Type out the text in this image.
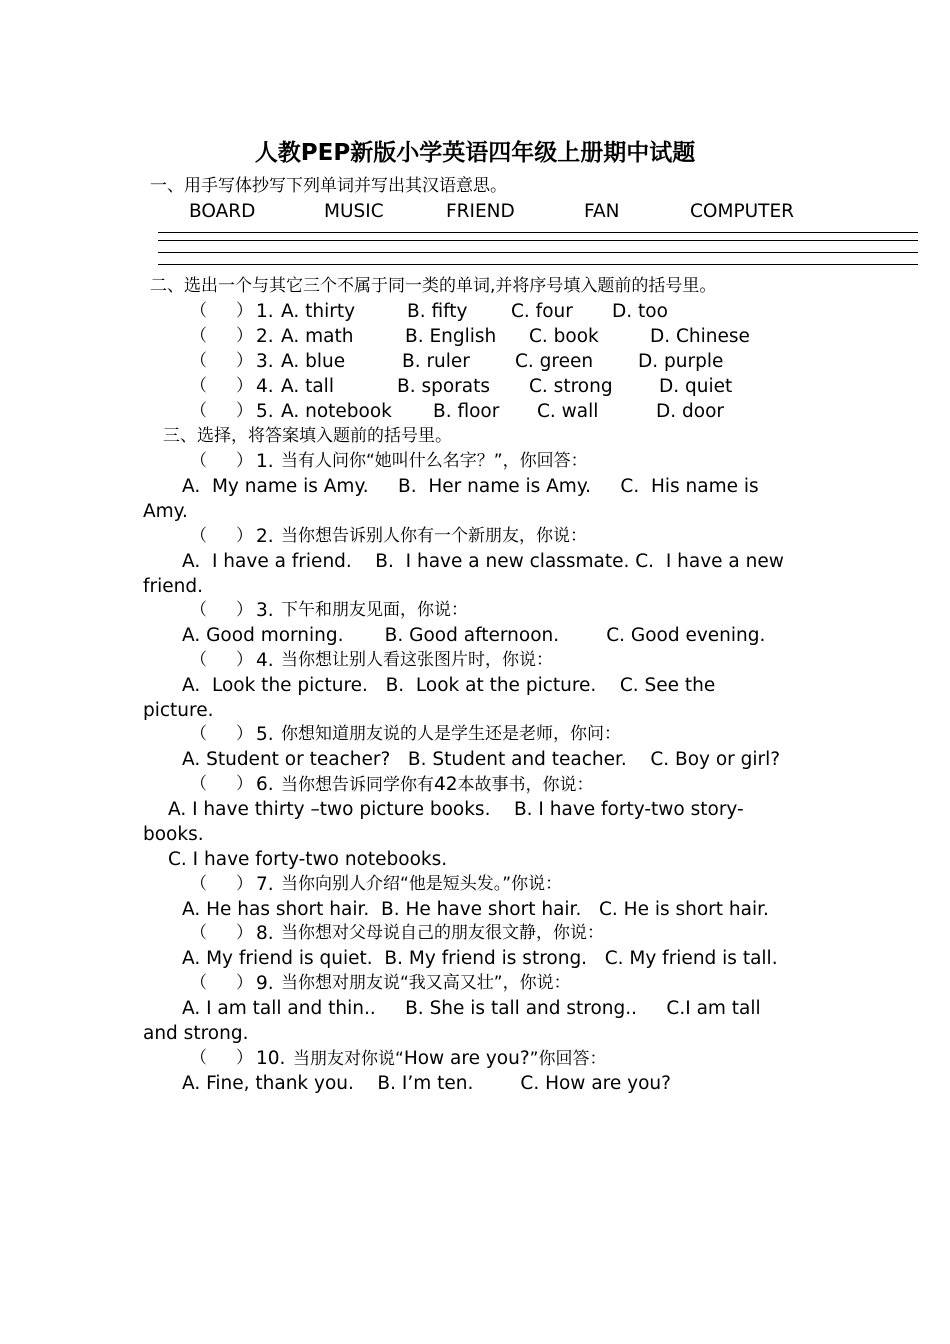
人教PEP新版小学英语四年级上册期中试题
一、用手写体抄写下列单词并写出其汉语意思。
BOARD	MUSIC	FRIEND	FAN	COMPUTER
二、选出一个与其它三个不属于同一类的单词,并将序号填入题前的括号里。
（ ） 1. A. thirty	B. fifty C. four D. too
（ ） 2. A. math	B. English C. book	D. Chinese
（ ） 3. A. blue	B. ruler C. green D. purple
（ ） 4. A. tall	B. sporats C. strong	D. quiet
（ ） 5. A. notebook B. floor C. wall	D. door
三、选择，将答案填入题前的括号里。
（ ） 1. 当有人问你“她叫什么名字？”，你回答：
A.  My name is Amy.     B.  Her name is Amy.     C.  His name is
Amy.
（ ） 2. 当你想告诉别人你有一个新朋友，你说：
A.  I have a friend.    B.  I have a new classmate. C.  I have a new
friend.
（ ） 3. 下午和朋友见面，你说：
A. Good morning.       B. Good afternoon.        C. Good evening.
（ ） 4. 当你想让别人看这张图片时，你说：
A.  Look the picture.   B.  Look at the picture.    C. See the
picture.
（ ） 5. 你想知道朋友说的人是学生还是老师，你问：
A. Student or teacher?   B. Student and teacher.    C. Boy or girl?
（ ） 6. 当你想告诉同学你有42本故事书，你说：
A. I have thirty –two picture books.    B. I have forty-two story-
books.
C. I have forty-two notebooks.
（ ） 7. 当你向别人介绍“他是短头发。”你说：
A. He has short hair.  B. He have short hair.   C. He is short hair.
（ ） 8. 当你想对父母说自己的朋友很文静，你说：
A. My friend is quiet.  B. My friend is strong.   C. My friend is tall.
（ ） 9. 当你想对朋友说“我又高又壮”，你说：
A. I am tall and thin..     B. She is tall and strong..     C.I am tall
and strong.
（ ） 10. 当朋友对你说“How are you?”你回答：
A. Fine, thank you.    B. I’m ten.        C. How are you?
